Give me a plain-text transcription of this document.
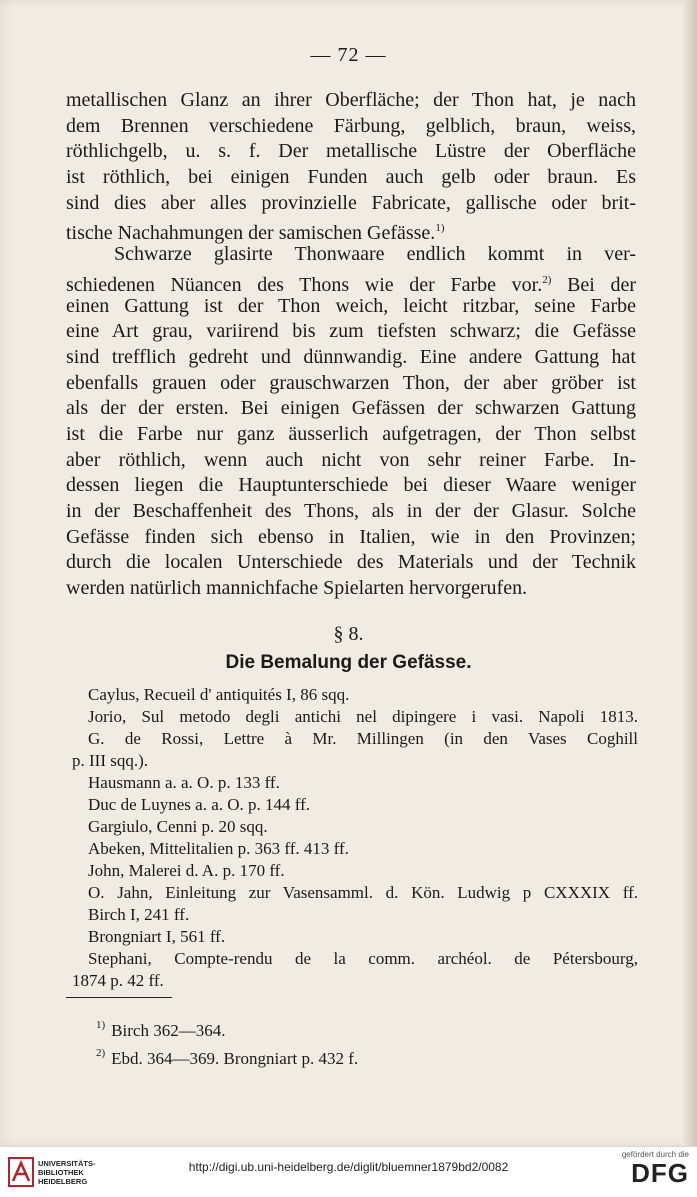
— 72 —
metallischen Glanz an ihrer Oberfläche; der Thon hat, je nach
dem Brennen verschiedene Färbung, gelblich, braun, weiss,
röthlichgelb, u. s. f. Der metallische Lüstre der Oberfläche
ist röthlich, bei einigen Funden auch gelb oder braun. Es
sind dies aber alles provinzielle Fabricate, gallische oder brit-
tische Nachahmungen der samischen Gefässe.$^{1)}$
Schwarze glasirte Thonwaare endlich kommt in ver-
schiedenen Nüancen des Thons wie der Farbe vor.$^{2)}$ Bei der
einen Gattung ist der Thon weich, leicht ritzbar, seine Farbe
eine Art grau, variirend bis zum tiefsten schwarz; die Gefässe
sind trefflich gedreht und dünnwandig. Eine andere Gattung hat
ebenfalls grauen oder grauschwarzen Thon, der aber gröber ist
als der der ersten. Bei einigen Gefässen der schwarzen Gattung
ist die Farbe nur ganz äusserlich aufgetragen, der Thon selbst
aber röthlich, wenn auch nicht von sehr reiner Farbe. In-
dessen liegen die Hauptunterschiede bei dieser Waare weniger
in der Beschaffenheit des Thons, als in der der Glasur. Solche
Gefässe finden sich ebenso in Italien, wie in den Provinzen;
durch die localen Unterschiede des Materials und der Technik
werden natürlich mannichfache Spielarten hervorgerufen.
§ 8.
Die Bemalung der Gefässe.
Caylus, Recueil d' antiquités I, 86 sqq.
Jorio, Sul metodo degli antichi nel dipingere i vasi. Napoli 1813.
G. de Rossi, Lettre à Mr. Millingen (in den Vases Coghill
p. III sqq.).
Hausmann a. a. O. p. 133 ff.
Duc de Luynes a. a. O. p. 144 ff.
Gargiulo, Cenni p. 20 sqq.
Abeken, Mittelitalien p. 363 ff. 413 ff.
John, Malerei d. A. p. 170 ff.
O. Jahn, Einleitung zur Vasensamml. d. Kön. Ludwig p CXXXIX ff.
Birch I, 241 ff.
Brongniart I, 561 ff.
Stephani, Compte-rendu de la comm. archéol. de Pétersbourg,
1874 p. 42 ff.
$^{1)}$ Birch 362—364.
$^{2)}$ Ebd. 364—369. Brongniart p. 432 f.
UNIVERSITÄTS-
BIBLIOTHEK
HEIDELBERG
http://digi.ub.uni-heidelberg.de/diglit/bluemner1879bd2/0082
gefördert durch die
DFG
